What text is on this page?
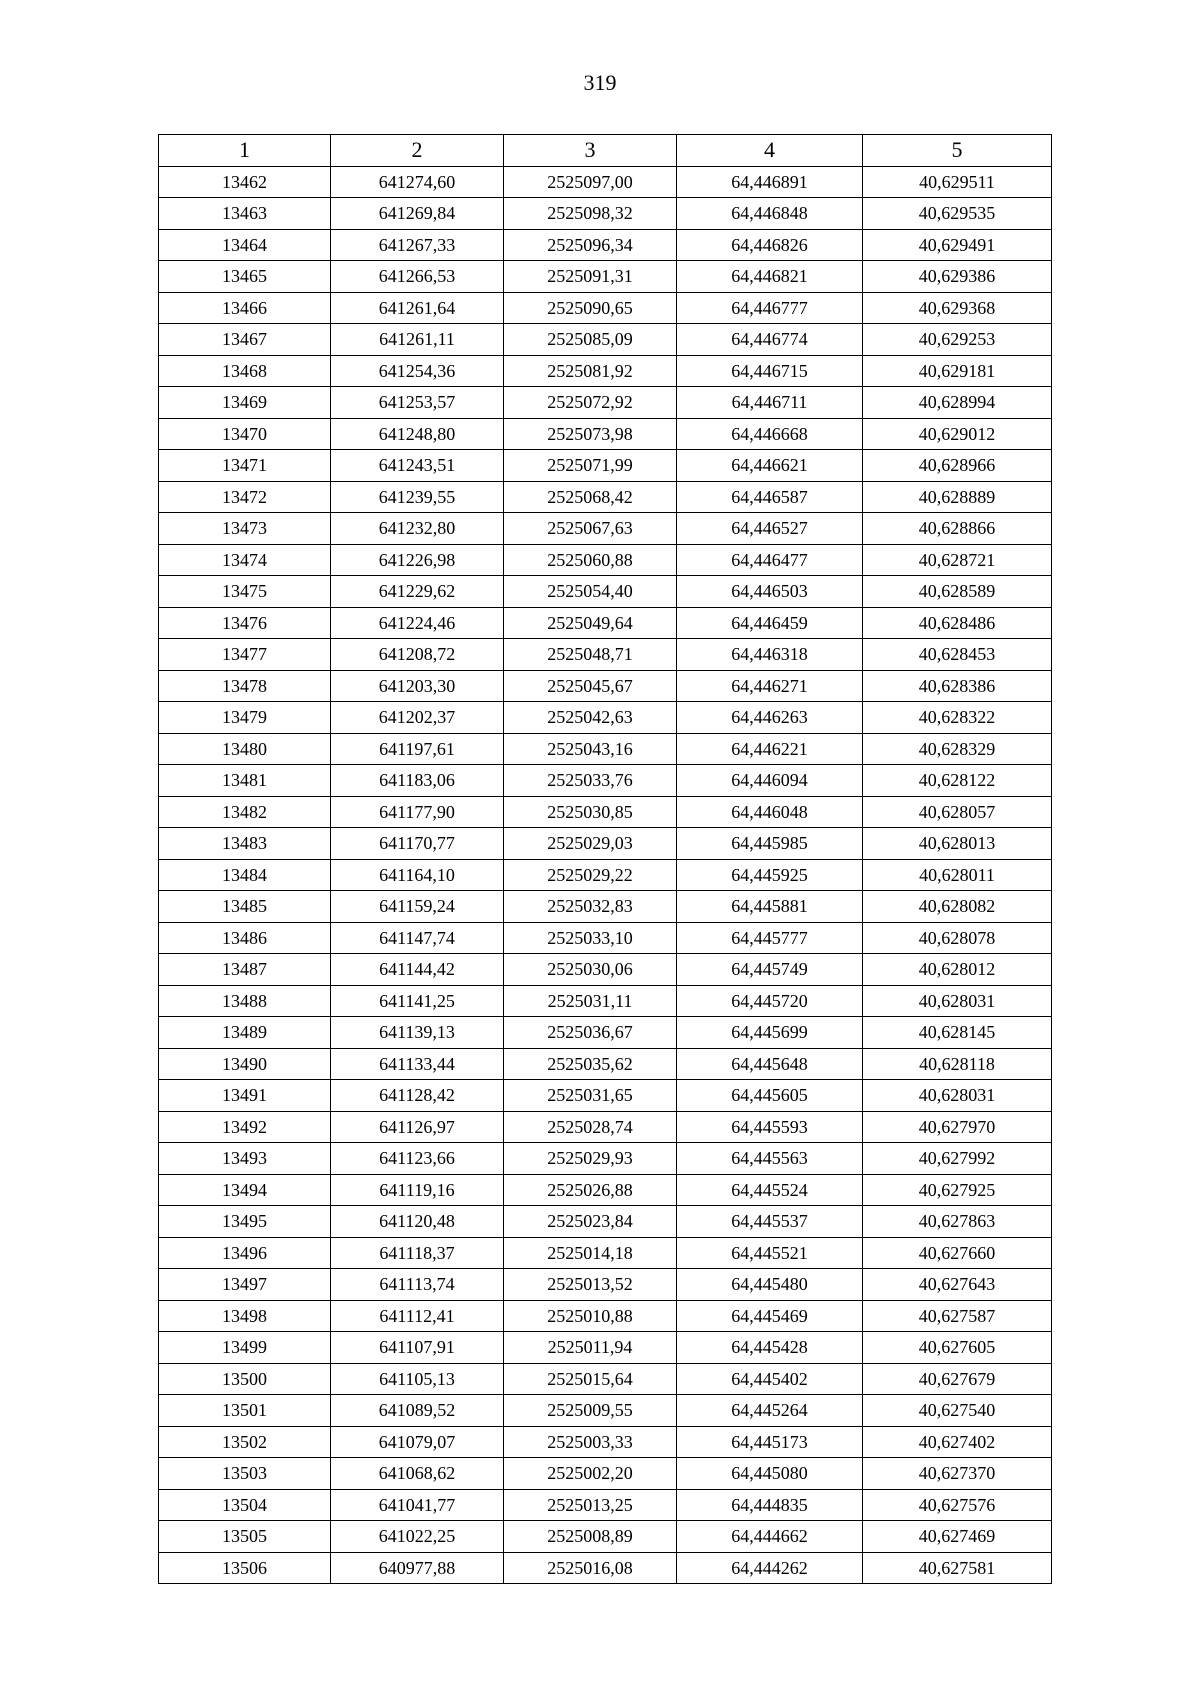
319
1	2	3	4	5
13462	641274,60	2525097,00	64,446891	40,629511
13463	641269,84	2525098,32	64,446848	40,629535
13464	641267,33	2525096,34	64,446826	40,629491
13465	641266,53	2525091,31	64,446821	40,629386
13466	641261,64	2525090,65	64,446777	40,629368
13467	641261,11	2525085,09	64,446774	40,629253
13468	641254,36	2525081,92	64,446715	40,629181
13469	641253,57	2525072,92	64,446711	40,628994
13470	641248,80	2525073,98	64,446668	40,629012
13471	641243,51	2525071,99	64,446621	40,628966
13472	641239,55	2525068,42	64,446587	40,628889
13473	641232,80	2525067,63	64,446527	40,628866
13474	641226,98	2525060,88	64,446477	40,628721
13475	641229,62	2525054,40	64,446503	40,628589
13476	641224,46	2525049,64	64,446459	40,628486
13477	641208,72	2525048,71	64,446318	40,628453
13478	641203,30	2525045,67	64,446271	40,628386
13479	641202,37	2525042,63	64,446263	40,628322
13480	641197,61	2525043,16	64,446221	40,628329
13481	641183,06	2525033,76	64,446094	40,628122
13482	641177,90	2525030,85	64,446048	40,628057
13483	641170,77	2525029,03	64,445985	40,628013
13484	641164,10	2525029,22	64,445925	40,628011
13485	641159,24	2525032,83	64,445881	40,628082
13486	641147,74	2525033,10	64,445777	40,628078
13487	641144,42	2525030,06	64,445749	40,628012
13488	641141,25	2525031,11	64,445720	40,628031
13489	641139,13	2525036,67	64,445699	40,628145
13490	641133,44	2525035,62	64,445648	40,628118
13491	641128,42	2525031,65	64,445605	40,628031
13492	641126,97	2525028,74	64,445593	40,627970
13493	641123,66	2525029,93	64,445563	40,627992
13494	641119,16	2525026,88	64,445524	40,627925
13495	641120,48	2525023,84	64,445537	40,627863
13496	641118,37	2525014,18	64,445521	40,627660
13497	641113,74	2525013,52	64,445480	40,627643
13498	641112,41	2525010,88	64,445469	40,627587
13499	641107,91	2525011,94	64,445428	40,627605
13500	641105,13	2525015,64	64,445402	40,627679
13501	641089,52	2525009,55	64,445264	40,627540
13502	641079,07	2525003,33	64,445173	40,627402
13503	641068,62	2525002,20	64,445080	40,627370
13504	641041,77	2525013,25	64,444835	40,627576
13505	641022,25	2525008,89	64,444662	40,627469
13506	640977,88	2525016,08	64,444262	40,627581
